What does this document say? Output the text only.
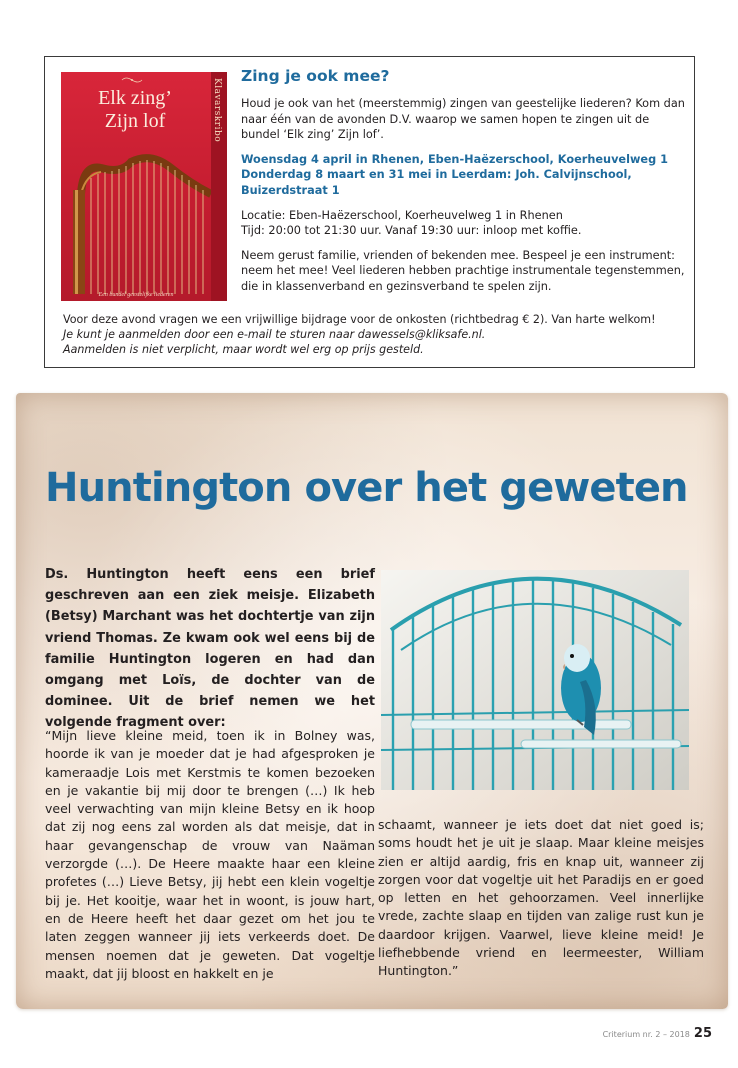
Elk zing’
Zijn lof	Klavarskribo
Een bundel geestelijke liederen
Zing je ook mee?

Houd je ook van het (meerstemmig) zingen van geestelijke liederen? Kom dan naar één van de avonden D.V. waarop we samen hopen te zingen uit de bundel ‘Elk zing’ Zijn lof’.

Woensdag 4 april in Rhenen, Eben-Haëzerschool, Koerheuvelweg 1
Donderdag 8 maart en 31 mei in Leerdam: Joh. Calvijnschool, Buizerdstraat 1
Locatie: Eben-Haëzerschool, Koerheuvelweg 1 in Rhenen
Tijd: 20:00 tot 21:30 uur. Vanaf 19:30 uur: inloop met koffie.

Neem gerust familie, vrienden of bekenden mee. Bespeel je een instrument: neem het mee! Veel liederen hebben prachtige instrumentale tegenstemmen, die in klassenverband en gezinsverband te spelen zijn.

Voor deze avond vragen we een vrijwillige bijdrage voor de onkosten (richtbedrag € 2). Van harte welkom!
Je kunt je aanmelden door een e-mail te sturen naar dawessels@kliksafe.nl.
Aanmelden is niet verplicht, maar wordt wel erg op prijs gesteld.
Huntington over het geweten

Ds. Huntington heeft eens een brief geschreven aan een ziek meisje. Elizabeth (Betsy) Marchant was het dochtertje van zijn vriend Thomas. Ze kwam ook wel eens bij de familie Huntington logeren en had dan omgang met Loïs, de dochter van de dominee. Uit de brief nemen we het volgende fragment over:

“Mijn lieve kleine meid, toen ik in Bolney was, hoorde ik van je moeder dat je had afgesproken je kameraadje Lois met Kerstmis te komen bezoeken en je vakantie bij mij door te brengen (…) Ik heb veel verwachting van mijn kleine Betsy en ik hoop dat zij nog eens zal worden als dat meisje, dat in haar gevangenschap de vrouw van Naäman verzorgde (…). De Heere maakte haar een kleine profetes (…) Lieve Betsy, jij hebt een klein vogeltje bij je. Het kooitje, waar het in woont, is jouw hart, en de Heere heeft het daar gezet om het jou te laten zeggen wanneer jij iets verkeerds doet. De mensen noemen dat je geweten. Dat vogeltje maakt, dat jij bloost en hakkelt en je

schaamt, wanneer je iets doet dat niet goed is; soms houdt het je uit je slaap. Maar kleine meisjes zien er altijd aardig, fris en knap uit, wanneer zij zorgen voor dat vogeltje uit het Paradijs en er goed op letten en het gehoorzamen. Veel innerlijke vrede, zachte slaap en tijden van zalige rust kun je daardoor krijgen. Vaarwel, lieve kleine meid! Je liefhebbende vriend en leermeester, William Huntington.”

Criterium nr. 2 – 2018 25
